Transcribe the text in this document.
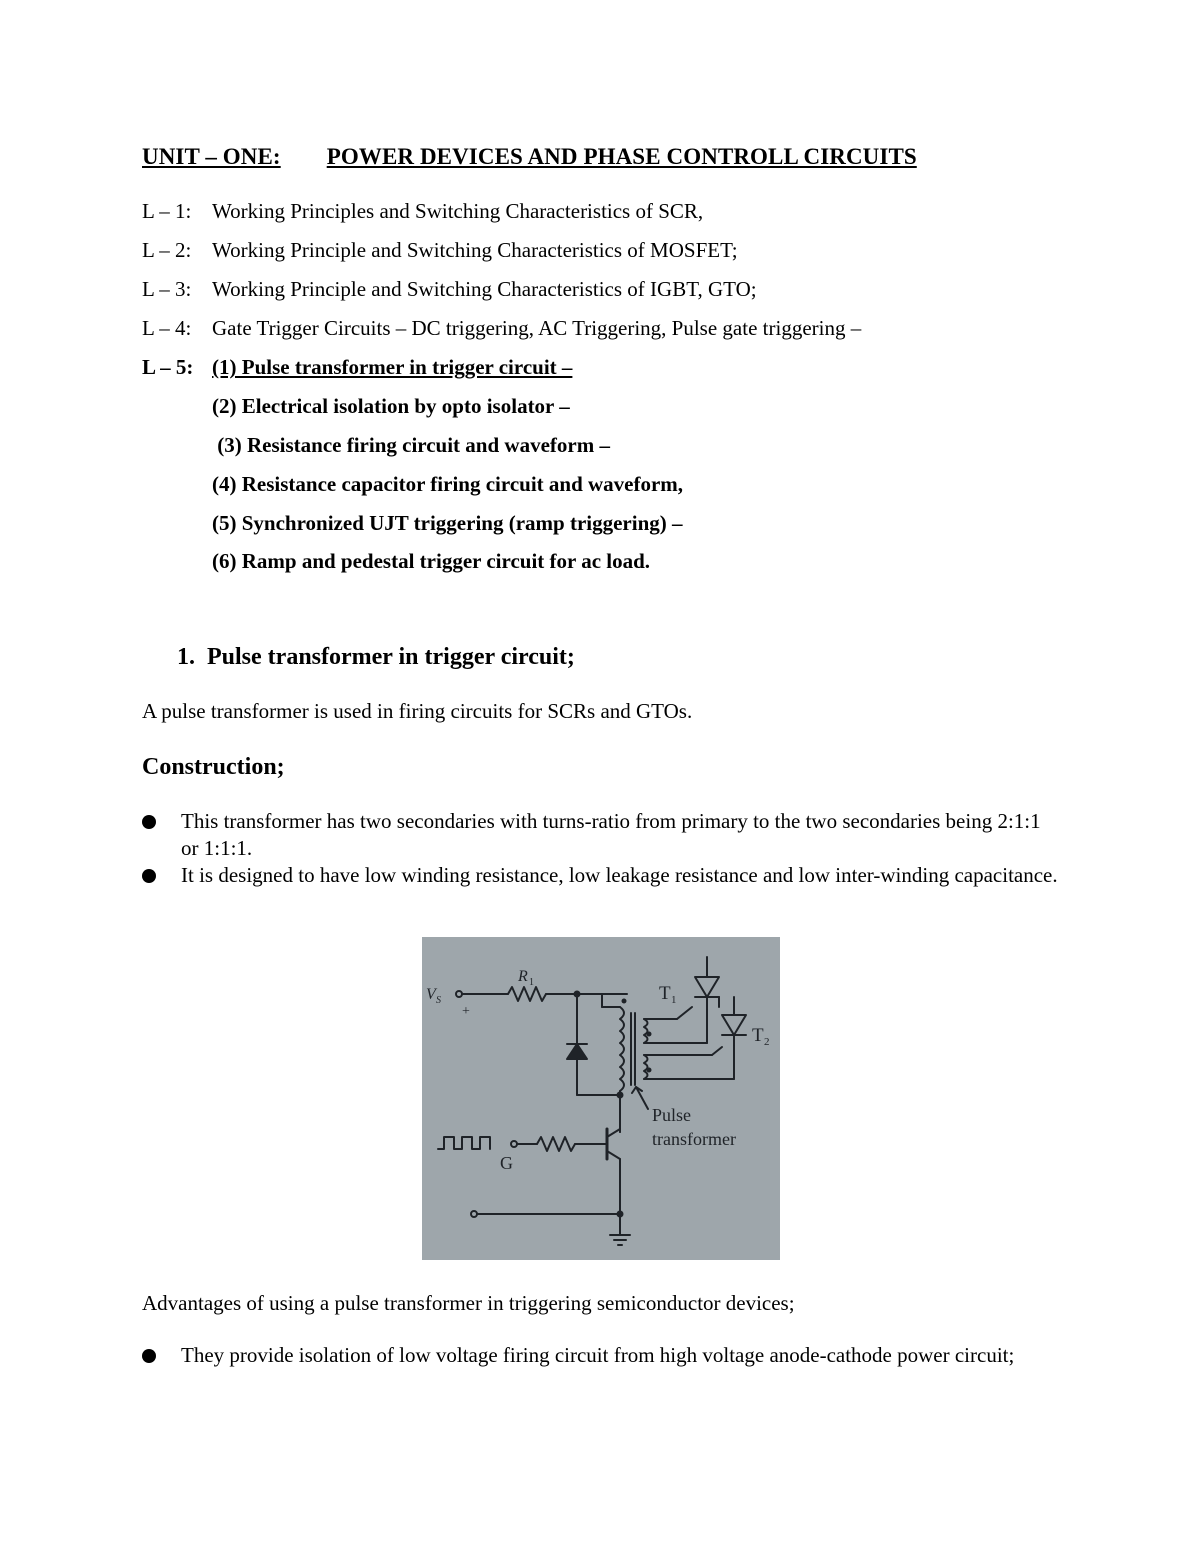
UNIT – ONE: POWER DEVICES AND PHASE CONTROLL CIRCUITS
L – 1: Working Principles and Switching Characteristics of SCR,
L – 2: Working Principle and Switching Characteristics of MOSFET;
L – 3: Working Principle and Switching Characteristics of IGBT, GTO;
L – 4: Gate Trigger Circuits – DC triggering, AC Triggering, Pulse gate triggering –
L – 5: (1) Pulse transformer in trigger circuit –
(2) Electrical isolation by opto isolator –
(3) Resistance firing circuit and waveform –
(4) Resistance capacitor firing circuit and waveform,
(5) Synchronized UJT triggering (ramp triggering) –
(6) Ramp and pedestal trigger circuit for ac load.
1. Pulse transformer in trigger circuit;
A pulse transformer is used in firing circuits for SCRs and GTOs.
Construction;
This transformer has two secondaries with turns-ratio from primary to the two secondaries being 2:1:1 or 1:1:1.
It is designed to have low winding resistance, low leakage resistance and low inter-winding capacitance.
V S
+
R 1
T 1
T 2
G
Pulse
transformer
Advantages of using a pulse transformer in triggering semiconductor devices;
They provide isolation of low voltage firing circuit from high voltage anode-cathode power circuit;
